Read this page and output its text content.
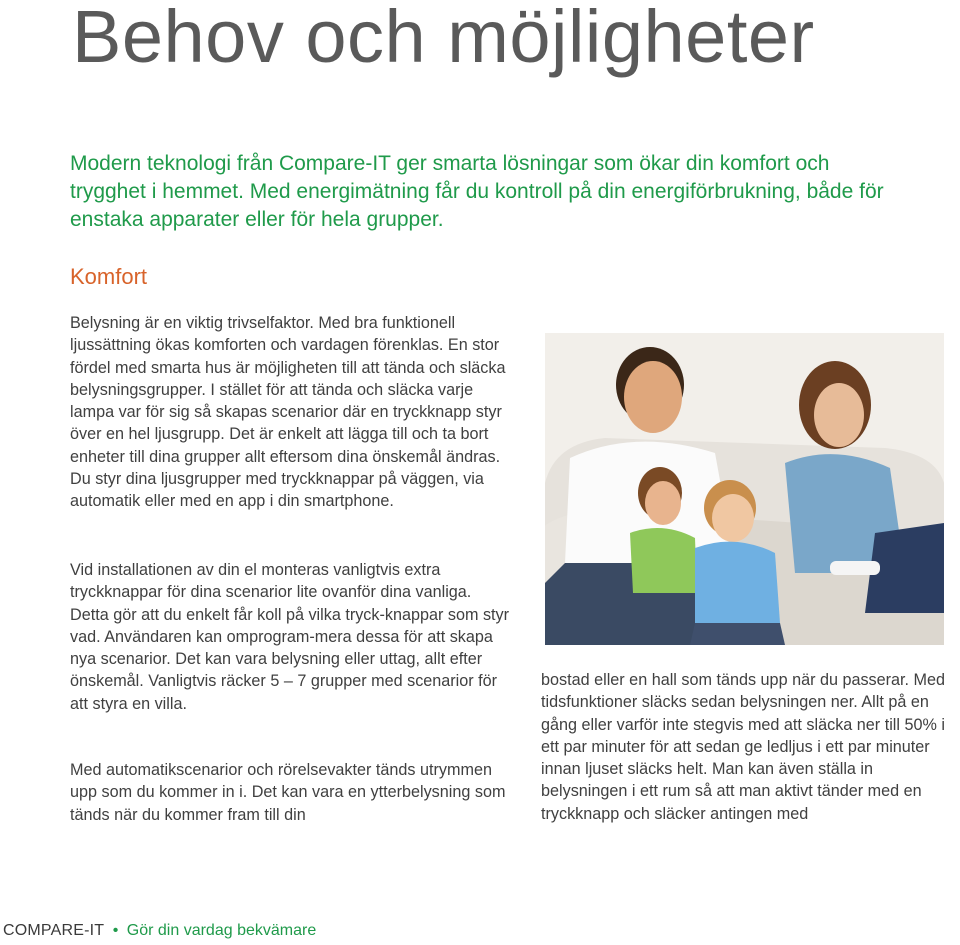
Behov och möjligheter

Modern teknologi från Compare-IT ger smarta lösningar som ökar din komfort och trygghet i hemmet. Med energimätning får du kontroll på din energiförbrukning, både för enstaka apparater eller för hela grupper.

Komfort

Belysning är en viktig trivselfaktor. Med bra funktionell ljussättning ökas komforten och vardagen förenklas. En stor fördel med smarta hus är möjligheten till att tända och släcka belysningsgrupper. I stället för att tända och släcka varje lampa var för sig så skapas scenarior där en tryckknapp styr över en hel ljusgrupp. Det är enkelt att lägga till och ta bort enheter till dina grupper allt eftersom dina önskemål ändras. Du styr dina ljusgrupper med tryckknappar på väggen, via automatik eller med en app i din smartphone.

Vid installationen av din el monteras vanligtvis extra tryckknappar för dina scenarior lite ovanför dina vanliga. Detta gör att du enkelt får koll på vilka tryck-knappar som styr vad. Användaren kan omprogram-mera dessa för att skapa nya scenarior. Det kan vara belysning eller uttag, allt efter önskemål. Vanligtvis räcker 5 – 7 grupper med scenarior för att styra en villa.

Med automatikscenarior och rörelsevakter tänds utrymmen upp som du kommer in i. Det kan vara en ytterbelysning som tänds när du kommer fram till din

bostad eller en hall som tänds upp när du passerar. Med tidsfunktioner släcks sedan belysningen ner. Allt på en gång eller varför inte stegvis med att släcka ner till 50% i ett par minuter för att sedan ge ledljus i ett par minuter innan ljuset släcks helt. Man kan även ställa in belysningen i ett rum så att man aktivt tänder med en tryckknapp och släcker antingen med

COMPARE-IT • Gör din vardag bekvämare
